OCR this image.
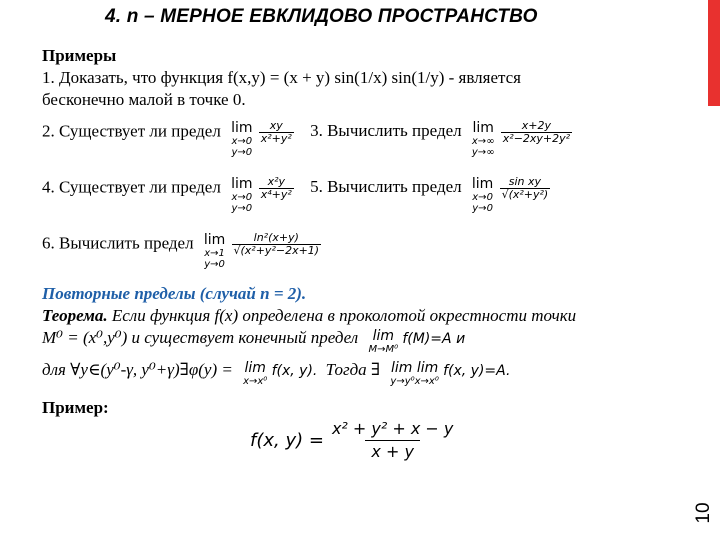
4. n – МЕРНОЕ ЕВКЛИДОВО ПРОСТРАНСТВО
10
Примеры
1. Доказать, что функция f(x,y) = (x + y) sin(1/x) sin(1/y) - является
бесконечно малой в точке 0.
2. Существует ли предел lim
x→0
y→0

$\frac{xy}{\text{x²+y²}} 3$. Вычислить предел lim
x→∞
y→∞

$\frac{x+2y}{\text{x²−2xy+2y²}}$
4. Существует ли предел lim
x→0
y→0

$\frac{\text{x²y}}{\text{x⁴+y²}} 5$. Вычислить предел lim
x→0
y→0

$\frac{\text{sin xy}}{\text{√(x²+y²)}}$
6. Вычислить предел lim
x→1
y→0

$\frac{\text{ln²(x+y)}}{\text{√(x²+y²−2x+1)}}$
Повторные пределы (случай n = 2).
Теорема. Если функция f(x) определена в проколотой окрестности точки
M⁰ = (x⁰,y⁰) и существует конечный предел lim
M→M⁰
f(M)=A и
для ∀y∈(y⁰-γ, y⁰+γ)∃φ(y) = lim
x→x⁰
f(x, y). Тогда ∃ lim lim
y→y⁰x→x⁰
f(x, y)=A.
Пример:
f(x, $y) = \frac{\text{x² + y² + x − y}}{x + y}$
